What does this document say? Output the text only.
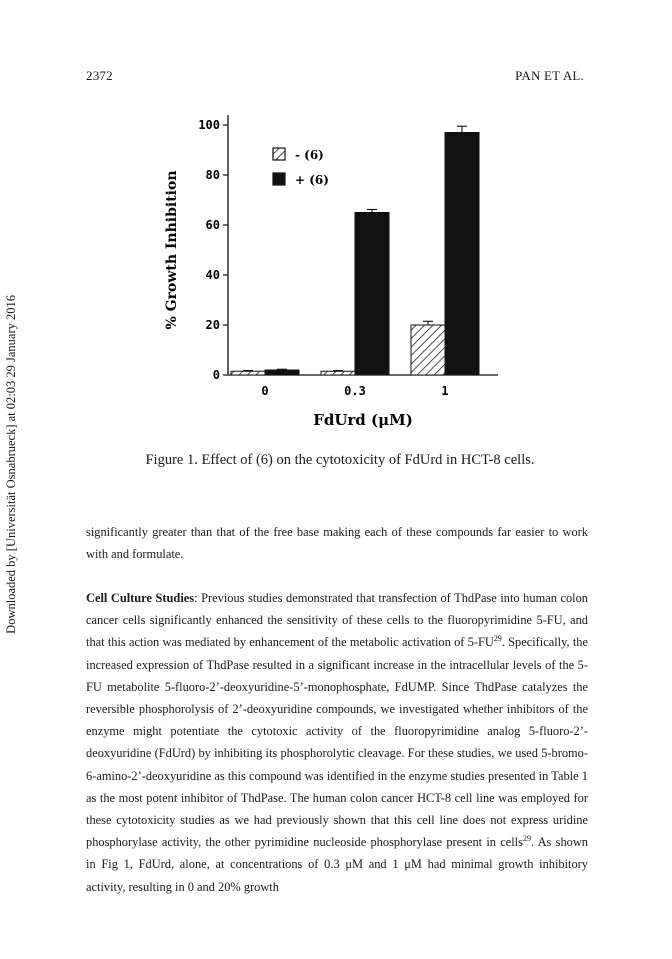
2372	PAN ET AL.
Downloaded by [Universität Osnabrueck] at 02:03 29 January 2016	0
20
40
60
80
100
% Growth Inhibition
0	0.3	1
FdUrd (μM)
- (6)
+ (6)
Figure 1. Effect of (6) on the cytotoxicity of FdUrd in HCT-8 cells.

significantly greater than that of the free base making each of these compounds far easier to work with and formulate.

Cell Culture Studies: Previous studies demonstrated that transfection of ThdPase into human colon cancer cells significantly enhanced the sensitivity of these cells to the fluoropyrimidine 5-FU, and that this action was mediated by enhancement of the metabolic activation of 5-FU$^{29}$. Specifically, the increased expression of ThdPase resulted in a significant increase in the intracellular levels of the 5-FU metabolite 5-fluoro-2’-deoxyuridine-5’-monophosphate, FdUMP. Since ThdPase catalyzes the reversible phosphorolysis of 2’-deoxyuridine compounds, we investigated whether inhibitors of the enzyme might potentiate the cytotoxic activity of the fluoropyrimidine analog 5-fluoro-2’-deoxyuridine (FdUrd) by inhibiting its phosphorolytic cleavage. For these studies, we used 5-bromo-6-amino-2’-deoxyuridine as this compound was identified in the enzyme studies presented in Table 1 as the most potent inhibitor of ThdPase. The human colon cancer HCT-8 cell line was employed for these cytotoxicity studies as we had previously shown that this cell line does not express uridine phosphorylase activity, the other pyrimidine nucleoside phosphorylase present in cells$^{29}$. As shown in Fig 1, FdUrd, alone, at concentrations of 0.3 μM and 1 μM had minimal growth inhibitory activity, resulting in 0 and 20% growth
